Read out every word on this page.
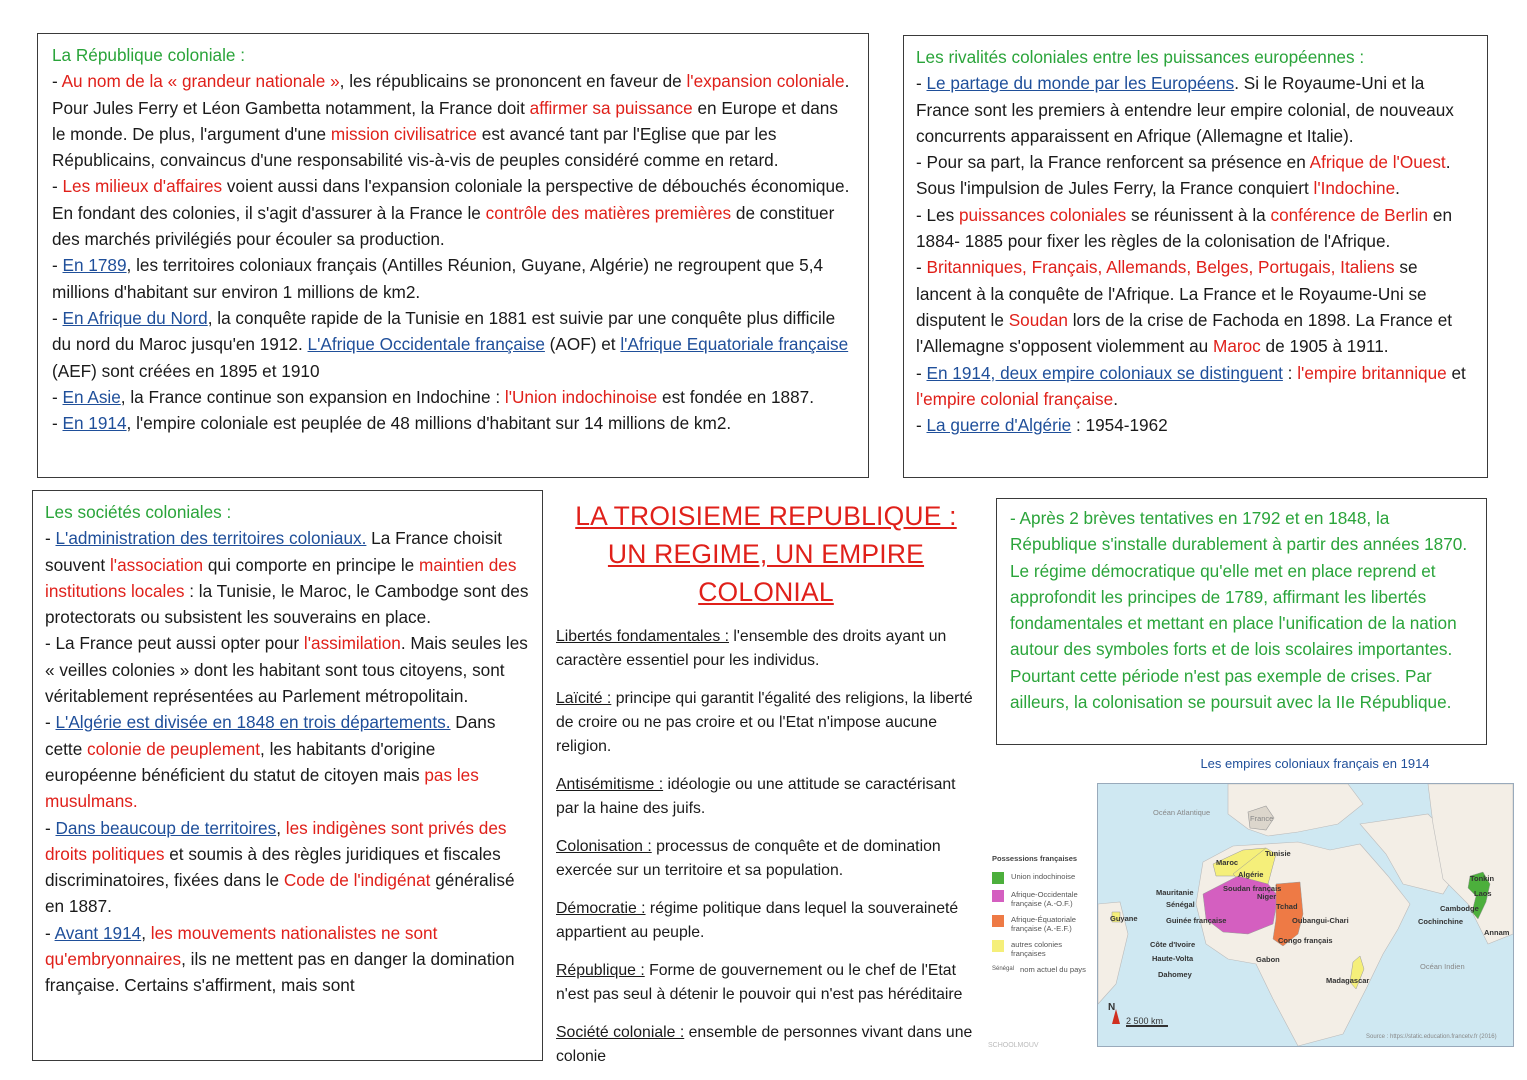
La République coloniale :

- Au nom de la « grandeur nationale », les républicains se prononcent en faveur de l'expansion coloniale. Pour Jules Ferry et Léon Gambetta notamment, la France doit affirmer sa puissance en Europe et dans le monde. De plus, l'argument d'une mission civilisatrice est avancé tant par l'Eglise que par les Républicains, convaincus d'une responsabilité vis-à-vis de peuples considéré comme en retard.

- Les milieux d'affaires voient aussi dans l'expansion coloniale la perspective de débouchés économique. En fondant des colonies, il s'agit d'assurer à la France le contrôle des matières premières de constituer des marchés privilégiés pour écouler sa production.

- En 1789, les territoires coloniaux français (Antilles Réunion, Guyane, Algérie) ne regroupent que 5,4 millions d'habitant sur environ 1 millions de km2.

- En Afrique du Nord, la conquête rapide de la Tunisie en 1881 est suivie par une conquête plus difficile du nord du Maroc jusqu'en 1912. L'Afrique Occidentale française (AOF) et l'Afrique Equatoriale française (AEF) sont créées en 1895 et 1910

- En Asie, la France continue son expansion en Indochine : l'Union indochinoise est fondée en 1887.

- En 1914, l'empire coloniale est peuplée de 48 millions d'habitant sur 14 millions de km2.

Les rivalités coloniales entre les puissances européennes :

- Le partage du monde par les Européens. Si le Royaume-Uni et la France sont les premiers à entendre leur empire colonial, de nouveaux concurrents apparaissent en Afrique (Allemagne et Italie).

- Pour sa part, la France renforcent sa présence en Afrique de l'Ouest. Sous l'impulsion de Jules Ferry, la France conquiert l'Indochine.

- Les puissances coloniales se réunissent à la conférence de Berlin en 1884- 1885 pour fixer les règles de la colonisation de l'Afrique.

- Britanniques, Français, Allemands, Belges, Portugais, Italiens se lancent à la conquête de l'Afrique. La France et le Royaume-Uni se disputent le Soudan lors de la crise de Fachoda en 1898. La France et l'Allemagne s'opposent violemment au Maroc de 1905 à 1911.

- En 1914, deux empire coloniaux se distinguent : l'empire britannique et l'empire colonial française.

- La guerre d'Algérie : 1954-1962

Les sociétés coloniales :

- L'administration des territoires coloniaux. La France choisit souvent l'association qui comporte en principe le maintien des institutions locales : la Tunisie, le Maroc, le Cambodge sont des protectorats ou subsistent les souverains en place.

- La France peut aussi opter pour l'assimilation. Mais seules les « veilles colonies » dont les habitant sont tous citoyens, sont véritablement représentées au Parlement métropolitain.

- L'Algérie est divisée en 1848 en trois départements. Dans cette colonie de peuplement, les habitants d'origine européenne bénéficient du statut de citoyen mais pas les musulmans.

- Dans beaucoup de territoires, les indigènes sont privés des droits politiques et soumis à des règles juridiques et fiscales discriminatoires, fixées dans le Code de l'indigénat généralisé en 1887.

- Avant 1914, les mouvements nationalistes ne sont qu'embryonnaires, ils ne mettent pas en danger la domination française. Certains s'affirment, mais sont

LA TROISIEME REPUBLIQUE : UN REGIME, UN EMPIRE COLONIAL

Libertés fondamentales : l'ensemble des droits ayant un caractère essentiel pour les individus.

Laïcité : principe qui garantit l'égalité des religions, la liberté de croire ou ne pas croire et ou l'Etat n'impose aucune religion.

Antisémitisme : idéologie ou une attitude se caractérisant par la haine des juifs.

Colonisation : processus de conquête et de domination exercée sur un territoire et sa population.

Démocratie : régime politique dans lequel la souveraineté appartient au peuple.

République : Forme de gouvernement ou le chef de l'Etat n'est pas seul à détenir le pouvoir qui n'est pas héréditaire

Société coloniale : ensemble de personnes vivant dans une colonie

- Après 2 brèves tentatives en 1792 et en 1848, la République s'installe durablement à partir des années 1870. Le régime démocratique qu'elle met en place reprend et approfondit les principes de 1789, affirmant les libertés fondamentales et mettant en place l'unification de la nation autour des symboles forts et de lois scolaires importantes. Pourtant cette période n'est pas exemple de crises. Par ailleurs, la colonisation se poursuit avec la IIe République.

Les empires coloniaux français en 1914
Possessions françaises
Union indochinoise
Afrique-Occidentale française (A.-O.F.)
Afrique-Équatoriale française (A.-E.F.)
autres colonies françaises
Sénégal nom actuel du pays
Océan Atlantique
France
Tunisie
Maroc
Algérie
Mauritanie
Sénégal
Soudan français
Niger
Tchad
Guinée française
Côte d'Ivoire
Haute-Volta
Dahomey
Oubangui-Chari
Congo français
Gabon
Madagascar
Guyane
Tonkin
Laos
Cambodge
Cochinchine
Annam
Océan Indien
N
2 500 km
Source : https://static.education.francetv.fr (2016)
SCHOOLMOUV
